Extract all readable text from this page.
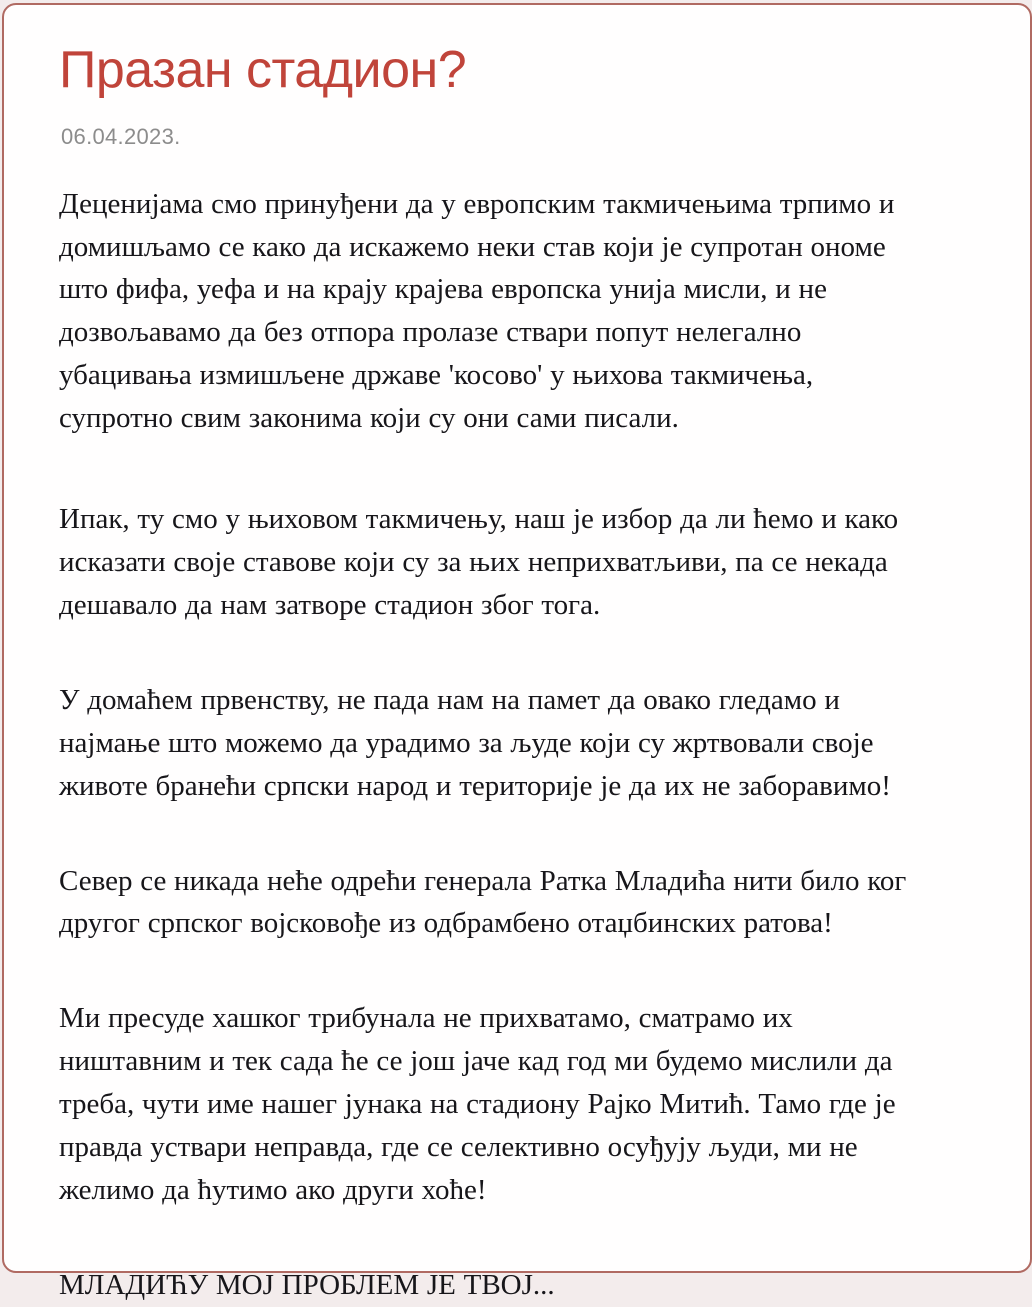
Празан стадион?
06.04.2023.

Деценијама смо принуђени да у европским такмичењима трпимо и домишљамо се како да искажемо неки став који је супротан ономе што фифа, уефа и на крају крајева европска унија мисли, и не дозвољавамо да без отпора пролазе ствари попут нелегално убацивања измишљене државе 'косово' у њихова такмичења, супротно свим законима који су они сами писали.

Ипак, ту смо у њиховом такмичењу, наш је избор да ли ћемо и како исказати своје ставове који су за њих неприхватљиви, па се некада дешавало да нам затворе стадион због тога.

У домаћем првенству, не пада нам на памет да овако гледамо и најмање што можемо да урадимо за људе који су жртвовали своје животе бранећи српски народ и територије је да их не заборавимо!

Север се никада неће одрећи генерала Ратка Младића нити било ког другог српског војсковође из одбрамбено отаџбинских ратова!

Ми пресуде хашког трибунала не прихватамо, сматрамо их ништавним и тек сада ће се још јаче кад год ми будемо мислили да треба, чути име нашег јунака на стадиону Рајко Митић. Тамо где је правда уствари неправда, где се селективно осуђују људи, ми не желимо да ћутимо ако други хоће!

МЛАДИЋУ МОЈ ПРОБЛЕМ ЈЕ ТВОЈ...
